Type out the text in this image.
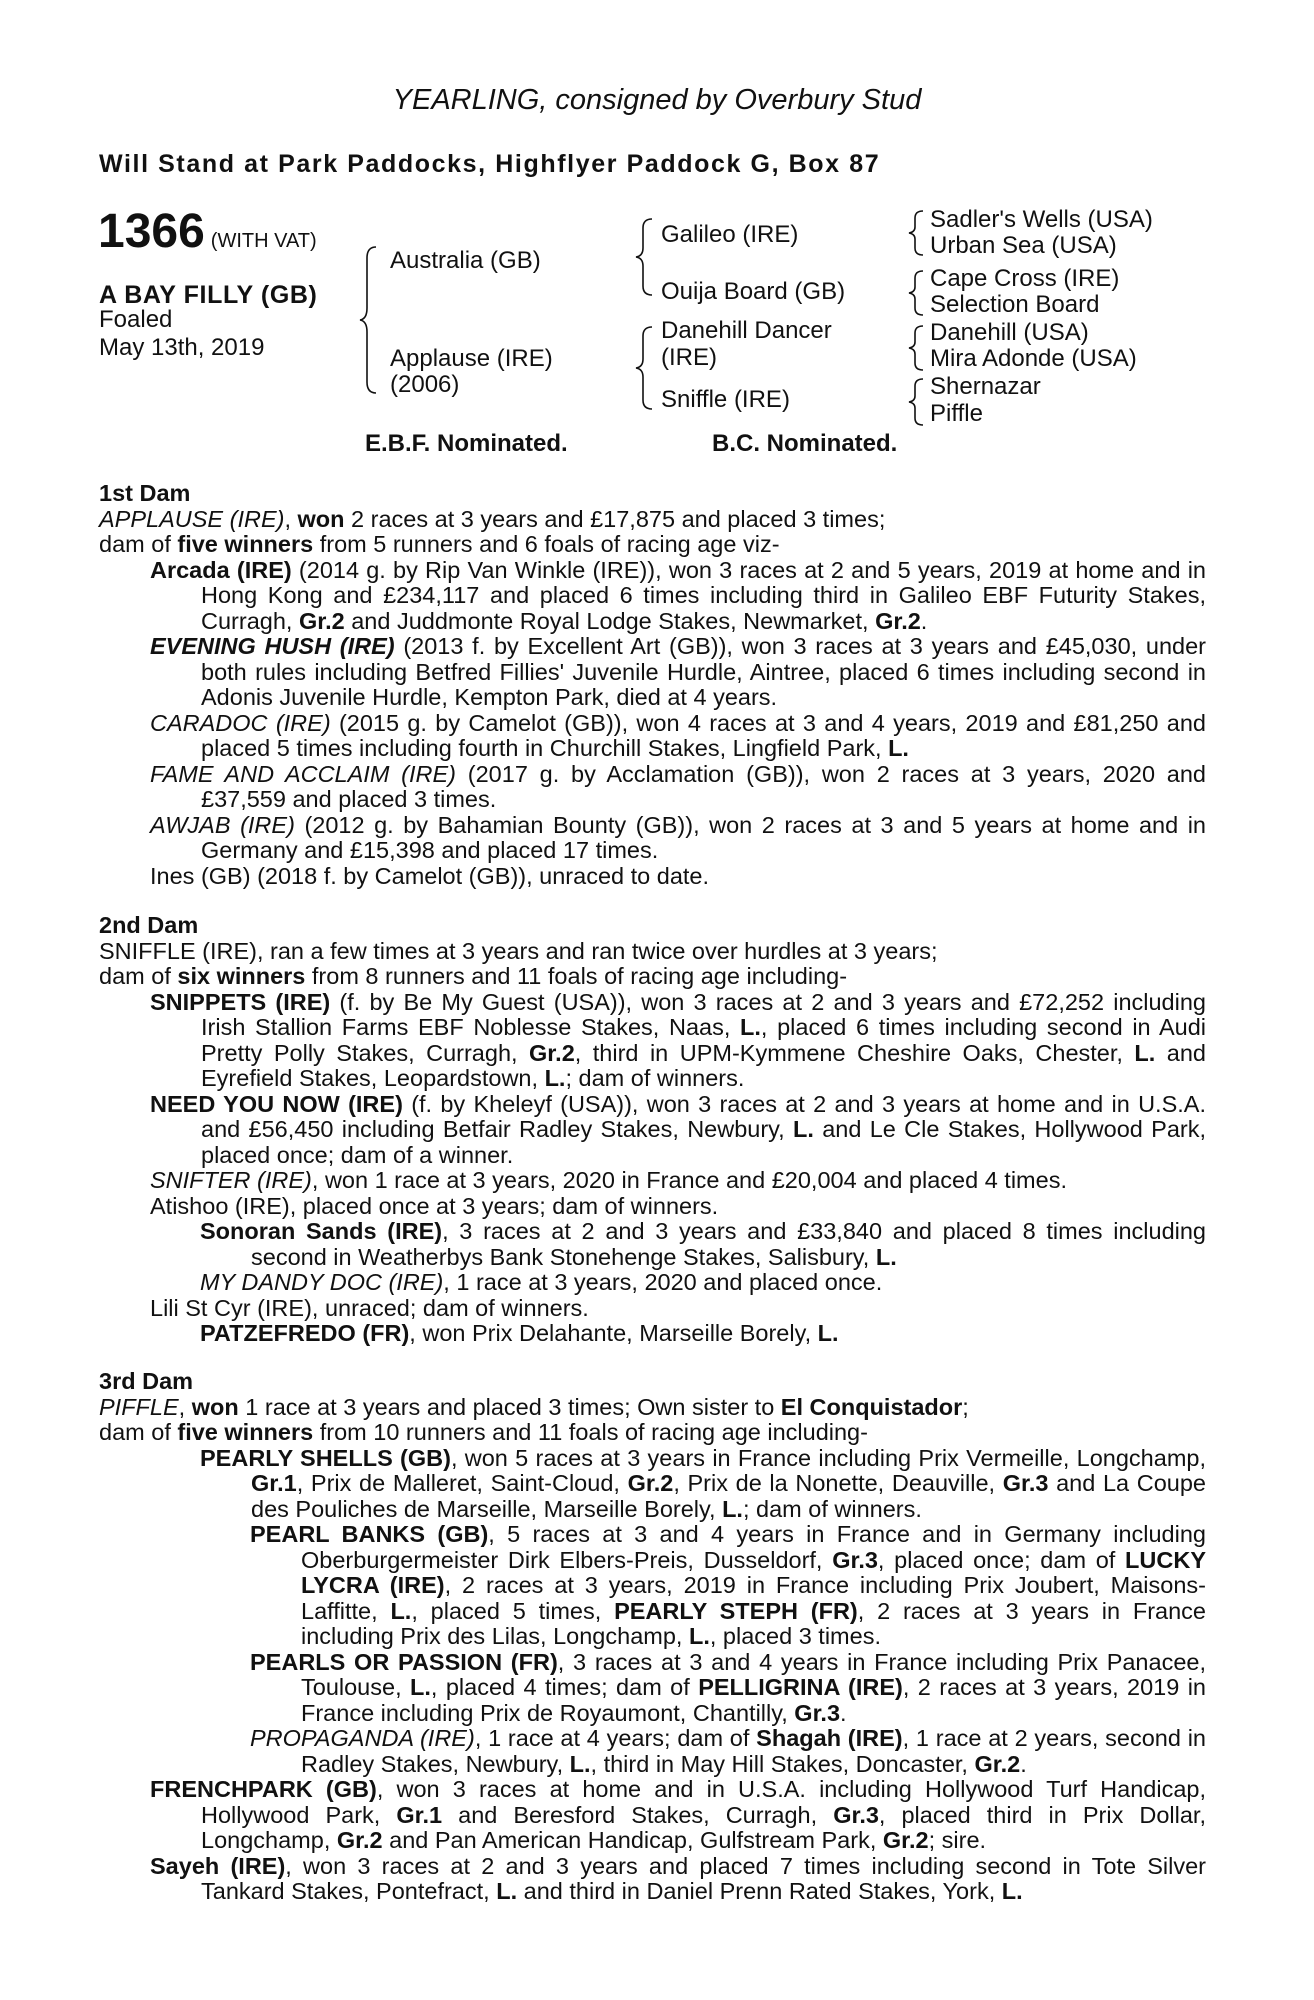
YEARLING, consigned by Overbury Stud
Will Stand at Park Paddocks, Highflyer Paddock G, Box 87
1366 (WITH VAT)
A BAY FILLY (GB)
Foaled
May 13th, 2019
Australia (GB)
Applause (IRE)
(2006)
Galileo (IRE)
Ouija Board (GB)
Danehill Dancer
(IRE)
Sniffle (IRE)
Sadler's Wells (USA)
Urban Sea (USA)
Cape Cross (IRE)
Selection Board
Danehill (USA)
Mira Adonde (USA)
Shernazar
Piffle
E.B.F. Nominated.	B.C. Nominated.

1st Dam

APPLAUSE (IRE), won 2 races at 3 years and £17,875 and placed 3 times;

dam of five winners from 5 runners and 6 foals of racing age viz-

Arcada (IRE) (2014 g. by Rip Van Winkle (IRE)), won 3 races at 2 and 5 years, 2019 at home and in Hong Kong and £234,117 and placed 6 times including third in Galileo EBF Futurity Stakes, Curragh, Gr.2 and Juddmonte Royal Lodge Stakes, Newmarket, Gr.2.

EVENING HUSH (IRE) (2013 f. by Excellent Art (GB)), won 3 races at 3 years and £45,030, under both rules including Betfred Fillies' Juvenile Hurdle, Aintree, placed 6 times including second in Adonis Juvenile Hurdle, Kempton Park, died at 4 years.

CARADOC (IRE) (2015 g. by Camelot (GB)), won 4 races at 3 and 4 years, 2019 and £81,250 and placed 5 times including fourth in Churchill Stakes, Lingfield Park, L.

FAME AND ACCLAIM (IRE) (2017 g. by Acclamation (GB)), won 2 races at 3 years, 2020 and £37,559 and placed 3 times.

AWJAB (IRE) (2012 g. by Bahamian Bounty (GB)), won 2 races at 3 and 5 years at home and in Germany and £15,398 and placed 17 times.

Ines (GB) (2018 f. by Camelot (GB)), unraced to date.

2nd Dam

SNIFFLE (IRE), ran a few times at 3 years and ran twice over hurdles at 3 years;

dam of six winners from 8 runners and 11 foals of racing age including-

SNIPPETS (IRE) (f. by Be My Guest (USA)), won 3 races at 2 and 3 years and £72,252 including Irish Stallion Farms EBF Noblesse Stakes, Naas, L., placed 6 times including second in Audi Pretty Polly Stakes, Curragh, Gr.2, third in UPM-Kymmene Cheshire Oaks, Chester, L. and Eyrefield Stakes, Leopardstown, L.; dam of winners.

NEED YOU NOW (IRE) (f. by Kheleyf (USA)), won 3 races at 2 and 3 years at home and in U.S.A. and £56,450 including Betfair Radley Stakes, Newbury, L. and Le Cle Stakes, Hollywood Park, placed once; dam of a winner.

SNIFTER (IRE), won 1 race at 3 years, 2020 in France and £20,004 and placed 4 times.

Atishoo (IRE), placed once at 3 years; dam of winners.

Sonoran Sands (IRE), 3 races at 2 and 3 years and £33,840 and placed 8 times including second in Weatherbys Bank Stonehenge Stakes, Salisbury, L.

MY DANDY DOC (IRE), 1 race at 3 years, 2020 and placed once.

Lili St Cyr (IRE), unraced; dam of winners.

PATZEFREDO (FR), won Prix Delahante, Marseille Borely, L.

3rd Dam

PIFFLE, won 1 race at 3 years and placed 3 times; Own sister to El Conquistador;

dam of five winners from 10 runners and 11 foals of racing age including-

PEARLY SHELLS (GB), won 5 races at 3 years in France including Prix Vermeille, Longchamp, Gr.1, Prix de Malleret, Saint-Cloud, Gr.2, Prix de la Nonette, Deauville, Gr.3 and La Coupe des Pouliches de Marseille, Marseille Borely, L.; dam of winners.

PEARL BANKS (GB), 5 races at 3 and 4 years in France and in Germany including Oberburgermeister Dirk Elbers-Preis, Dusseldorf, Gr.3, placed once; dam of LUCKY LYCRA (IRE), 2 races at 3 years, 2019 in France including Prix Joubert, Maisons-Laffitte, L., placed 5 times, PEARLY STEPH (FR), 2 races at 3 years in France including Prix des Lilas, Longchamp, L., placed 3 times.

PEARLS OR PASSION (FR), 3 races at 3 and 4 years in France including Prix Panacee, Toulouse, L., placed 4 times; dam of PELLIGRINA (IRE), 2 races at 3 years, 2019 in France including Prix de Royaumont, Chantilly, Gr.3.

PROPAGANDA (IRE), 1 race at 4 years; dam of Shagah (IRE), 1 race at 2 years, second in Radley Stakes, Newbury, L., third in May Hill Stakes, Doncaster, Gr.2.

FRENCHPARK (GB), won 3 races at home and in U.S.A. including Hollywood Turf Handicap, Hollywood Park, Gr.1 and Beresford Stakes, Curragh, Gr.3, placed third in Prix Dollar, Longchamp, Gr.2 and Pan American Handicap, Gulfstream Park, Gr.2; sire.

Sayeh (IRE), won 3 races at 2 and 3 years and placed 7 times including second in Tote Silver Tankard Stakes, Pontefract, L. and third in Daniel Prenn Rated Stakes, York, L.
